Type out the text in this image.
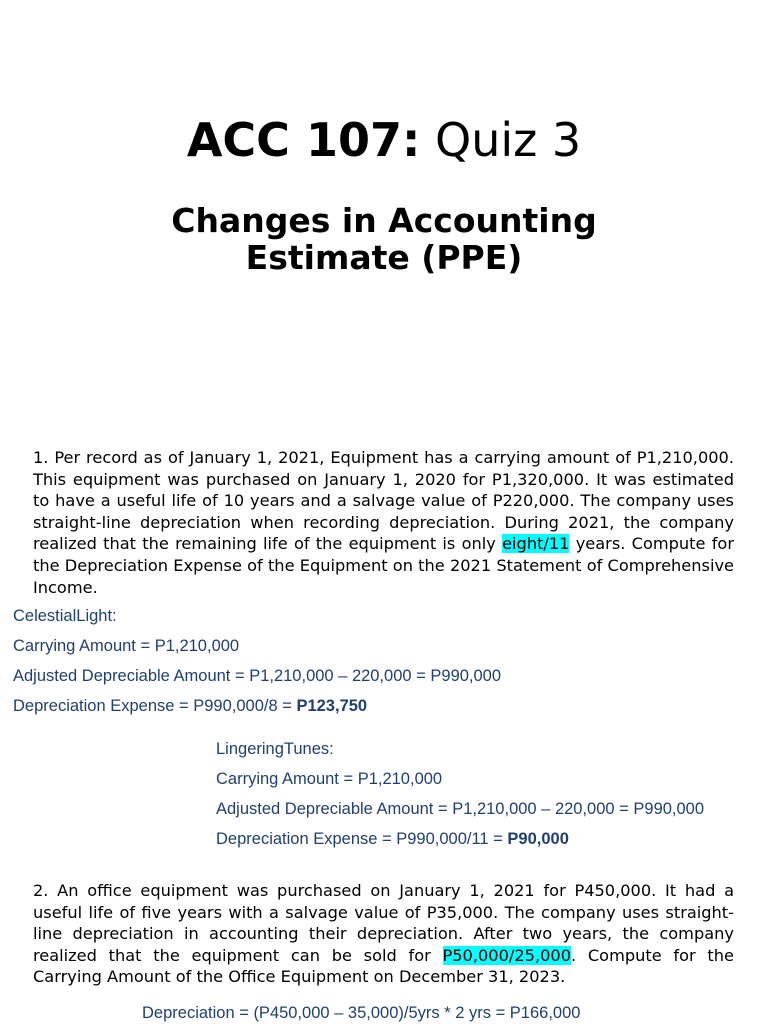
ACC 107: Quiz 3
Changes in Accounting
Estimate (PPE)
1. Per record as of January 1, 2021, Equipment has a carrying amount of P1,210,000. This equipment was purchased on January 1, 2020 for P1,320,000. It was estimated to have a useful life of 10 years and a salvage value of P220,000. The company uses straight-line depreciation when recording depreciation. During 2021, the company realized that the remaining life of the equipment is only eight/11 years. Compute for the Depreciation Expense of the Equipment on the 2021 Statement of Comprehensive Income.
CelestialLight:
Carrying Amount = P1,210,000
Adjusted Depreciable Amount = P1,210,000 – 220,000 = P990,000
Depreciation Expense = P990,000/8 = P123,750
LingeringTunes:
Carrying Amount = P1,210,000
Adjusted Depreciable Amount = P1,210,000 – 220,000 = P990,000
Depreciation Expense = P990,000/11 = P90,000
2. An office equipment was purchased on January 1, 2021 for P450,000. It had a useful life of five years with a salvage value of P35,000. The company uses straight-line depreciation in accounting their depreciation. After two years, the company realized that the equipment can be sold for P50,000/25,000. Compute for the Carrying Amount of the Office Equipment on December 31, 2023.
Depreciation = (P450,000 – 35,000)/5yrs * 2 yrs = P166,000
